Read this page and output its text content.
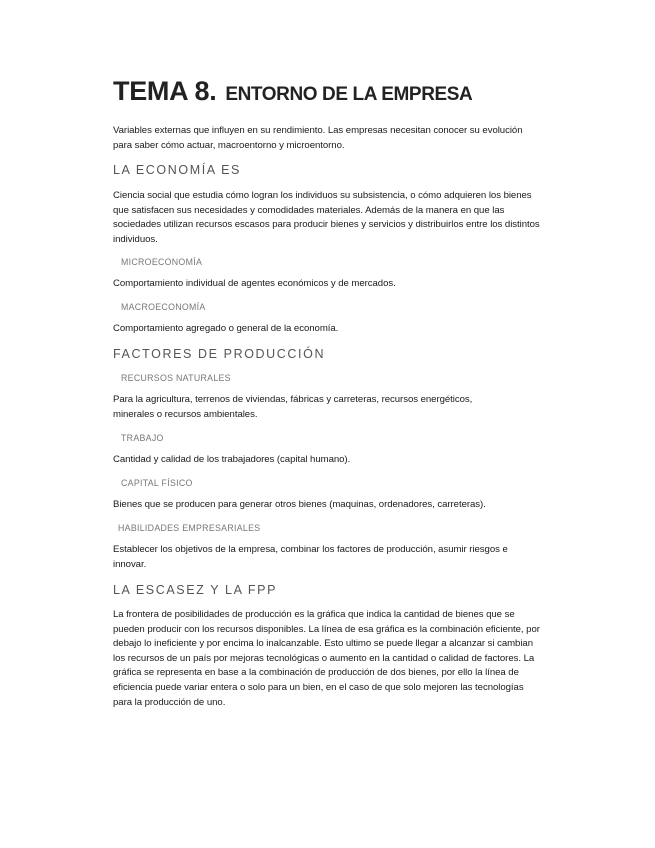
TEMA 8. ENTORNO DE LA EMPRESA

Variables externas que influyen en su rendimiento. Las empresas necesitan conocer su evolución para saber cómo actuar, macroentorno y microentorno.

LA ECONOMÍA ES

Ciencia social que estudia cómo logran los individuos su subsistencia, o cómo adquieren los bienes que satisfacen sus necesidades y comodidades materiales. Además de la manera en que las sociedades utilizan recursos escasos para producir bienes y servicios y distribuirlos entre los distintos individuos.

MICROECONOMÍA

Comportamiento individual de agentes económicos y de mercados.

MACROECONOMÍA

Comportamiento agregado o general de la economía.

FACTORES DE PRODUCCIÓN
RECURSOS NATURALES

Para la agricultura, terrenos de viviendas, fábricas y carreteras, recursos energéticos, minerales o recursos ambientales.

TRABAJO

Cantidad y calidad de los trabajadores (capital humano).

CAPITAL FÍSICO

Bienes que se producen para generar otros bienes (maquinas, ordenadores, carreteras).

HABILIDADES EMPRESARIALES

Establecer los objetivos de la empresa, combinar los factores de producción, asumir riesgos e innovar.

LA ESCASEZ Y LA FPP

La frontera de posibilidades de producción es la gráfica que indica la cantidad de bienes que se pueden producir con los recursos disponibles. La línea de esa gráfica es la combinación eficiente, por debajo lo ineficiente y por encima lo inalcanzable. Esto ultimo se puede llegar a alcanzar si cambian los recursos de un país por mejoras tecnológicas o aumento en la cantidad o calidad de factores. La gráfica se representa en base a la combinación de producción de dos bienes, por ello la línea de eficiencia puede variar entera o solo para un bien, en el caso de que solo mejoren las tecnologías para la producción de uno.
